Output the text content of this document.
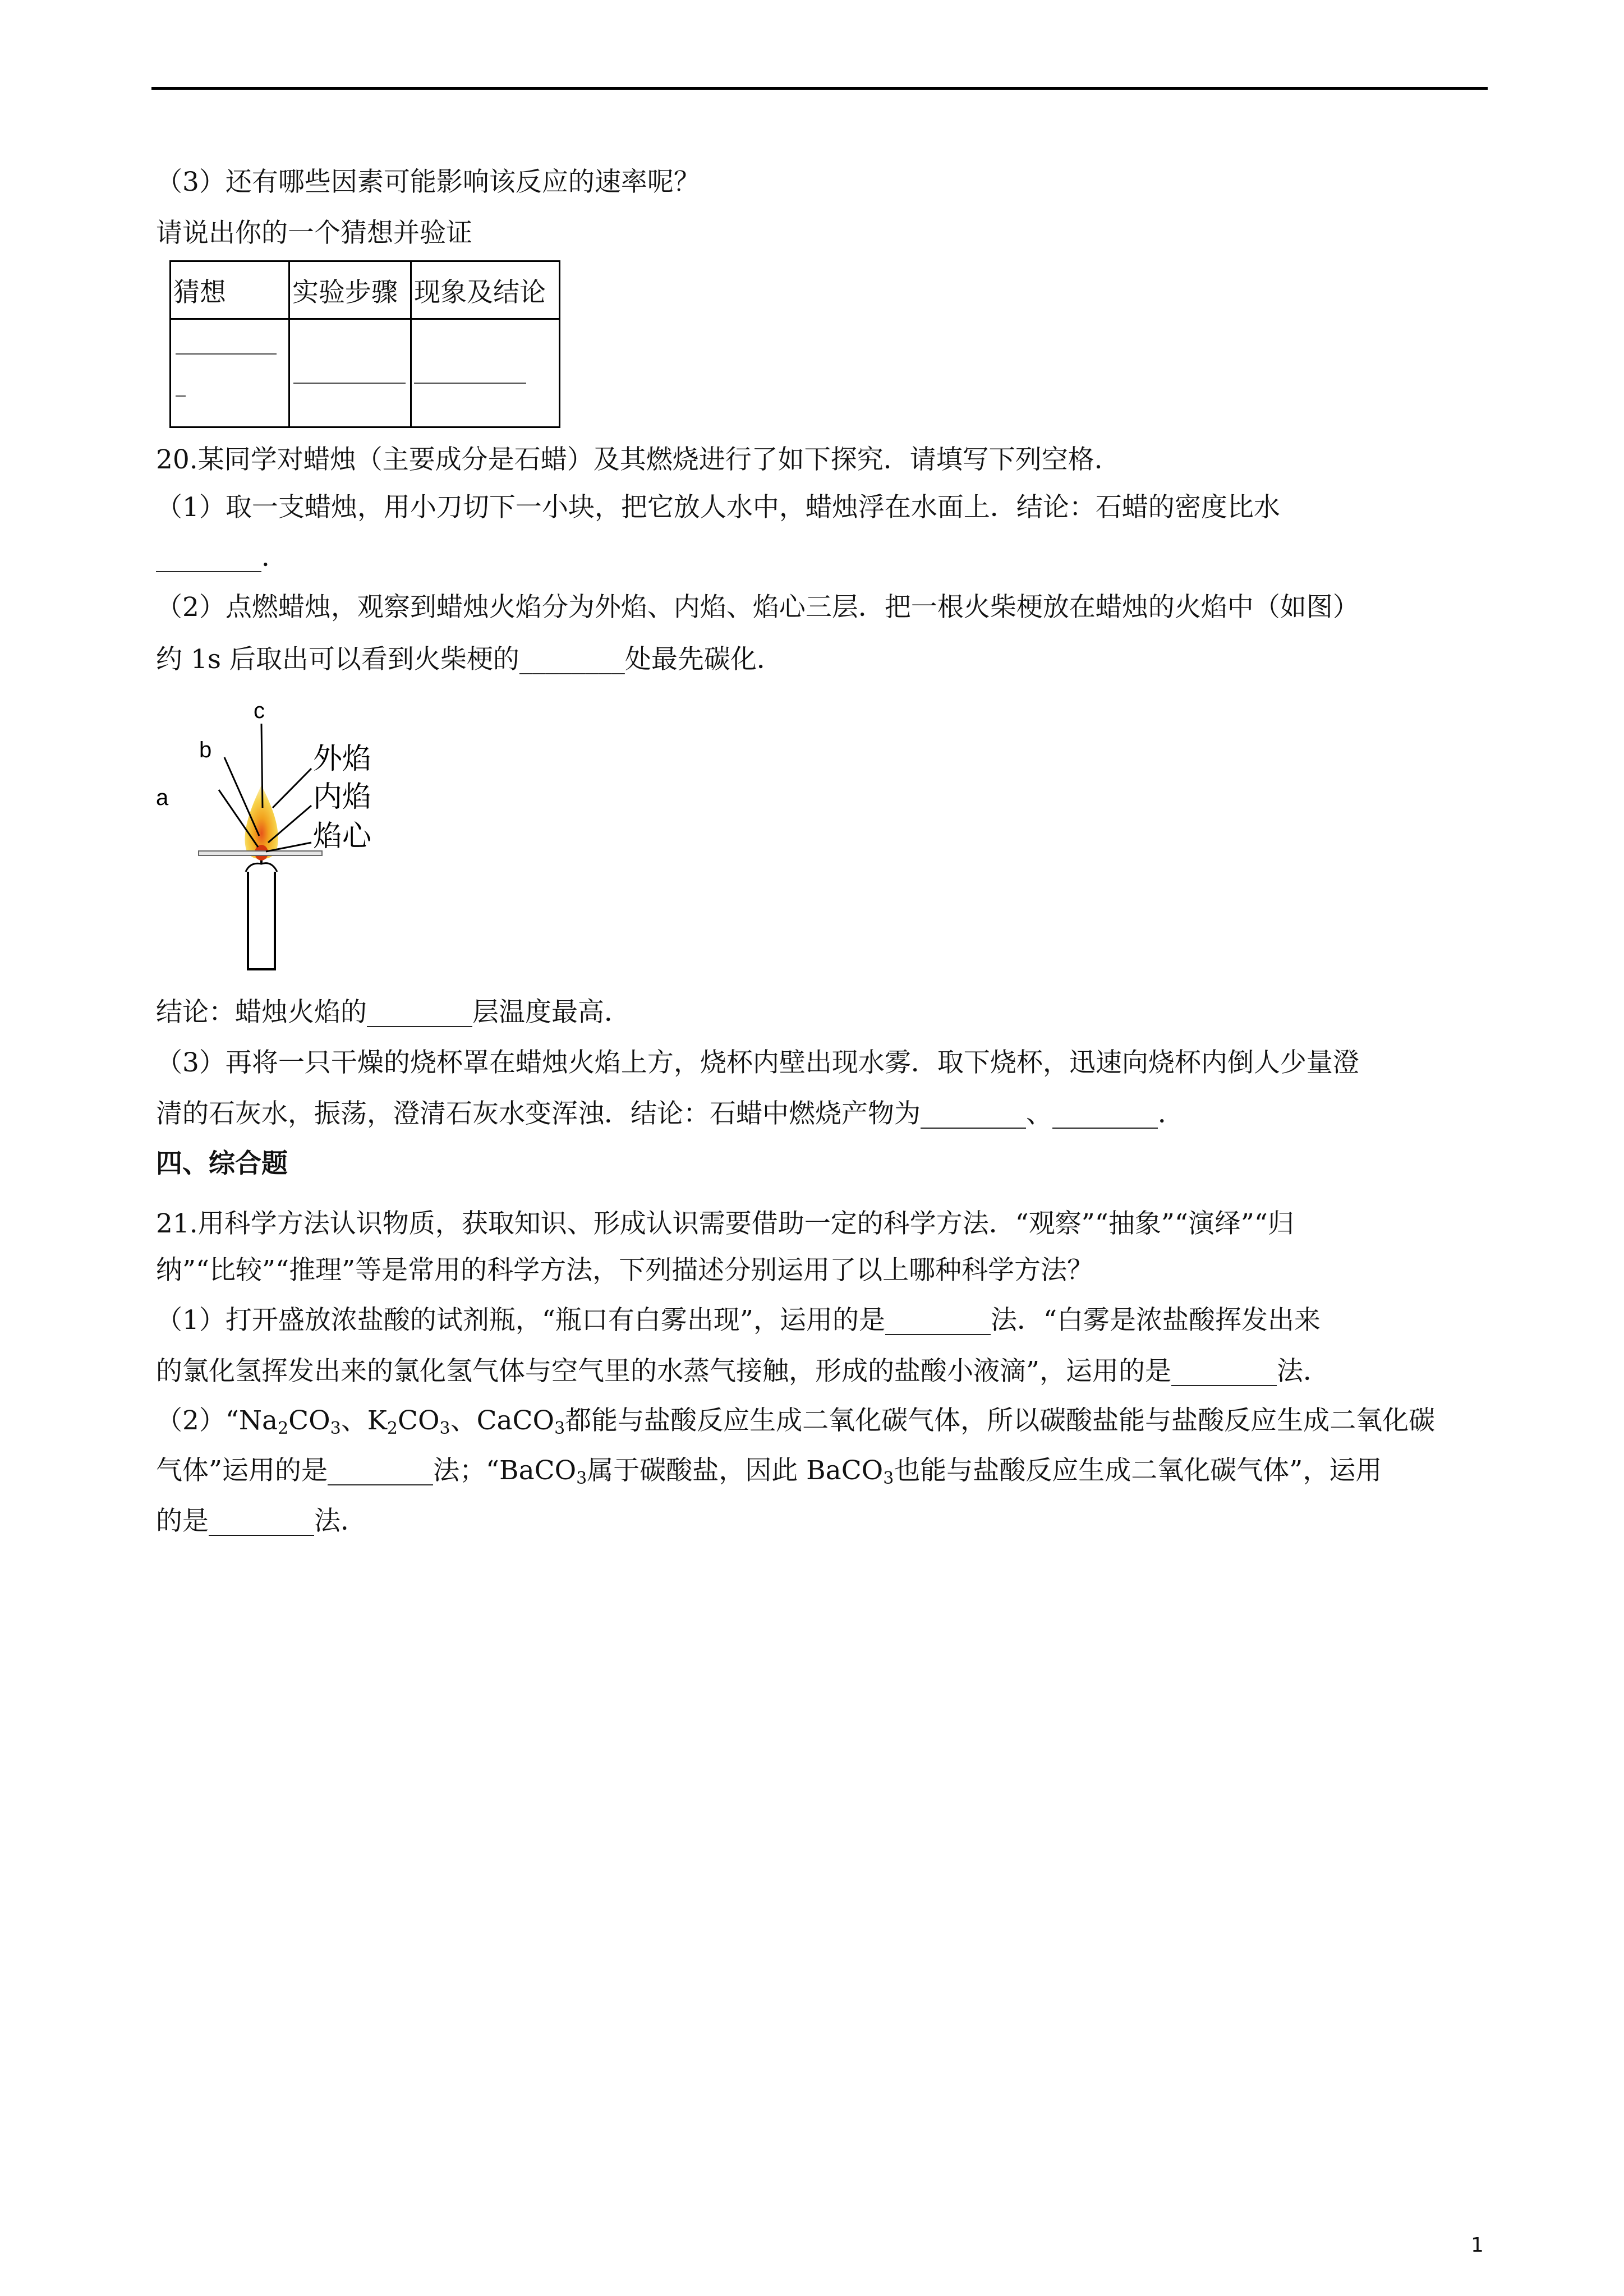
（3）还有哪些因素可能影响该反应的速率呢？
请说出你的一个猜想并验证
猜想	实验步骤	现象及结论

20.某同学对蜡烛（主要成分是石蜡）及其燃烧进行了如下探究．请填写下列空格．
（1）取一支蜡烛，用小刀切下一小块，把它放人水中，蜡烛浮在水面上．结论：石蜡的密度比水
________．
（2）点燃蜡烛，观察到蜡烛火焰分为外焰、内焰、焰心三层．把一根火柴梗放在蜡烛的火焰中（如图）
约 1s 后取出可以看到火柴梗的________处最先碳化．
a
b
c
外焰
内焰
焰心
结论：蜡烛火焰的________层温度最高．
（3）再将一只干燥的烧杯罩在蜡烛火焰上方，烧杯内壁出现水雾．取下烧杯，迅速向烧杯内倒人少量澄
清的石灰水，振荡，澄清石灰水变浑浊．结论：石蜡中燃烧产物为________、________．
四、综合题
21.用科学方法认识物质，获取知识、形成认识需要借助一定的科学方法．“观察”“抽象”“演绎”“归
纳”“比较”“推理”等是常用的科学方法，下列描述分别运用了以上哪种科学方法？
（1）打开盛放浓盐酸的试剂瓶，“瓶口有白雾出现”，运用的是________法．“白雾是浓盐酸挥发出来
的氯化氢挥发出来的氯化氢气体与空气里的水蒸气接触，形成的盐酸小液滴”，运用的是________法．
$(2)“Na_2CO_3$、$K_2CO_3$、CaCO$_3$都能与盐酸反应生成二氧化碳气体，所以碳酸盐能与盐酸反应生成二氧化碳
气体”运用的是________法；“BaCO$_3$属于碳酸盐，因此 BaCO$_3$也能与盐酸反应生成二氧化碳气体”，运用
的是________法．
1
